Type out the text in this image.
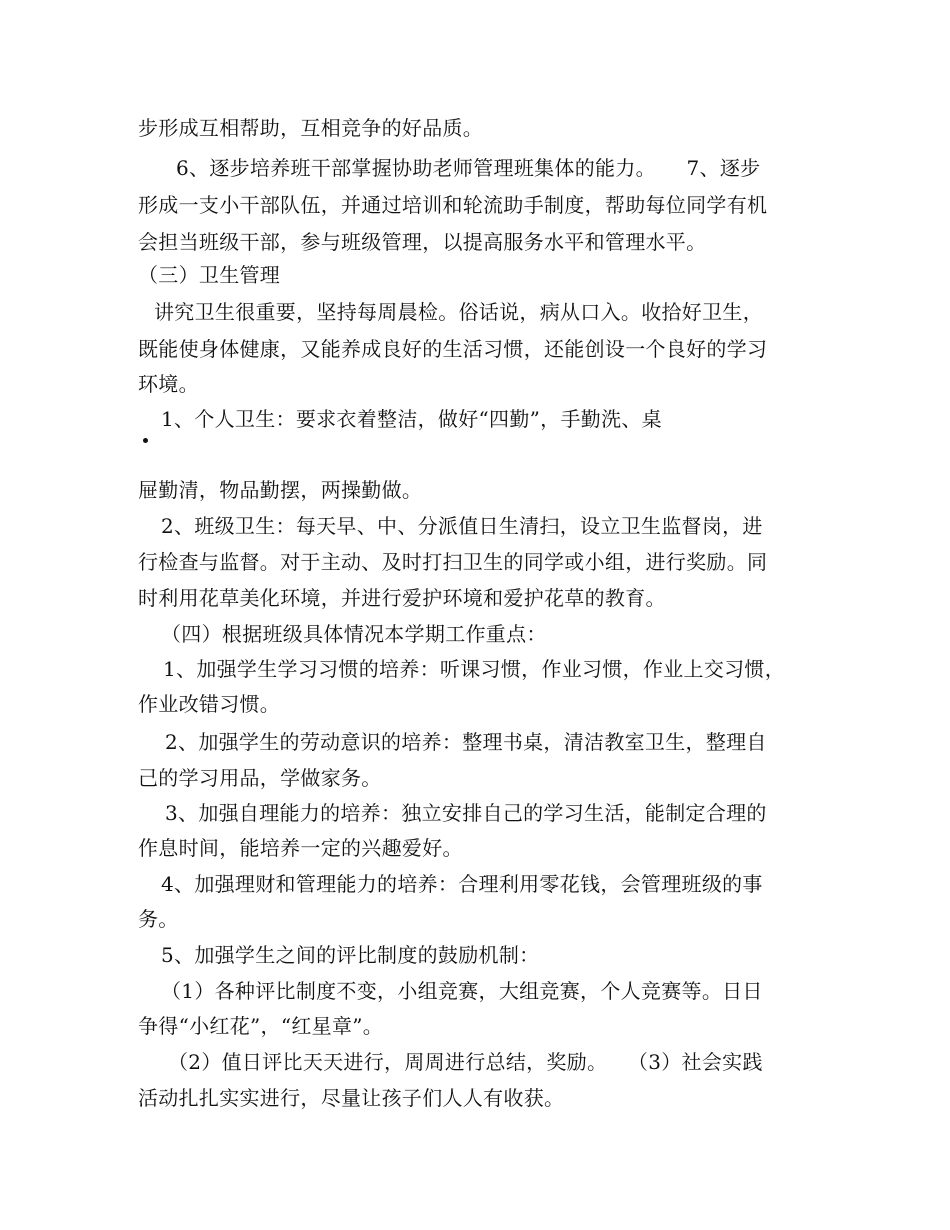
步形成互相帮助，互相竞争的好品质。
6、逐步培养班干部掌握协助老师管理班集体的能力。　　7、逐步
形成一支小干部队伍，并通过培训和轮流助手制度，帮助每位同学有机
会担当班级干部，参与班级管理，以提高服务水平和管理水平。
（三）卫生管理
讲究卫生很重要，坚持每周晨检。俗话说，病从口入。收拾好卫生，
既能使身体健康，又能养成良好的生活习惯，还能创设一个良好的学习
环境。
1、个人卫生：要求衣着整洁，做好“四勤”，手勤洗、桌
屉勤清，物品勤摆，两操勤做。
2、班级卫生：每天早、中、分派值日生清扫，设立卫生监督岗，进
行检查与监督。对于主动、及时打扫卫生的同学或小组，进行奖励。同
时利用花草美化环境，并进行爱护环境和爱护花草的教育。
（四）根据班级具体情况本学期工作重点：
1、加强学生学习习惯的培养：听课习惯，作业习惯，作业上交习惯，
作业改错习惯。
2、加强学生的劳动意识的培养：整理书桌，清洁教室卫生，整理自
己的学习用品，学做家务。
3、加强自理能力的培养：独立安排自己的学习生活，能制定合理的
作息时间，能培养一定的兴趣爱好。
4、加强理财和管理能力的培养：合理利用零花钱，会管理班级的事
务。
5、加强学生之间的评比制度的鼓励机制：
（1）各种评比制度不变，小组竞赛，大组竞赛，个人竞赛等。日日
争得“小红花”，“红星章”。
（2）值日评比天天进行，周周进行总结，奖励。　　（3）社会实践
活动扎扎实实进行，尽量让孩子们人人有收获。
